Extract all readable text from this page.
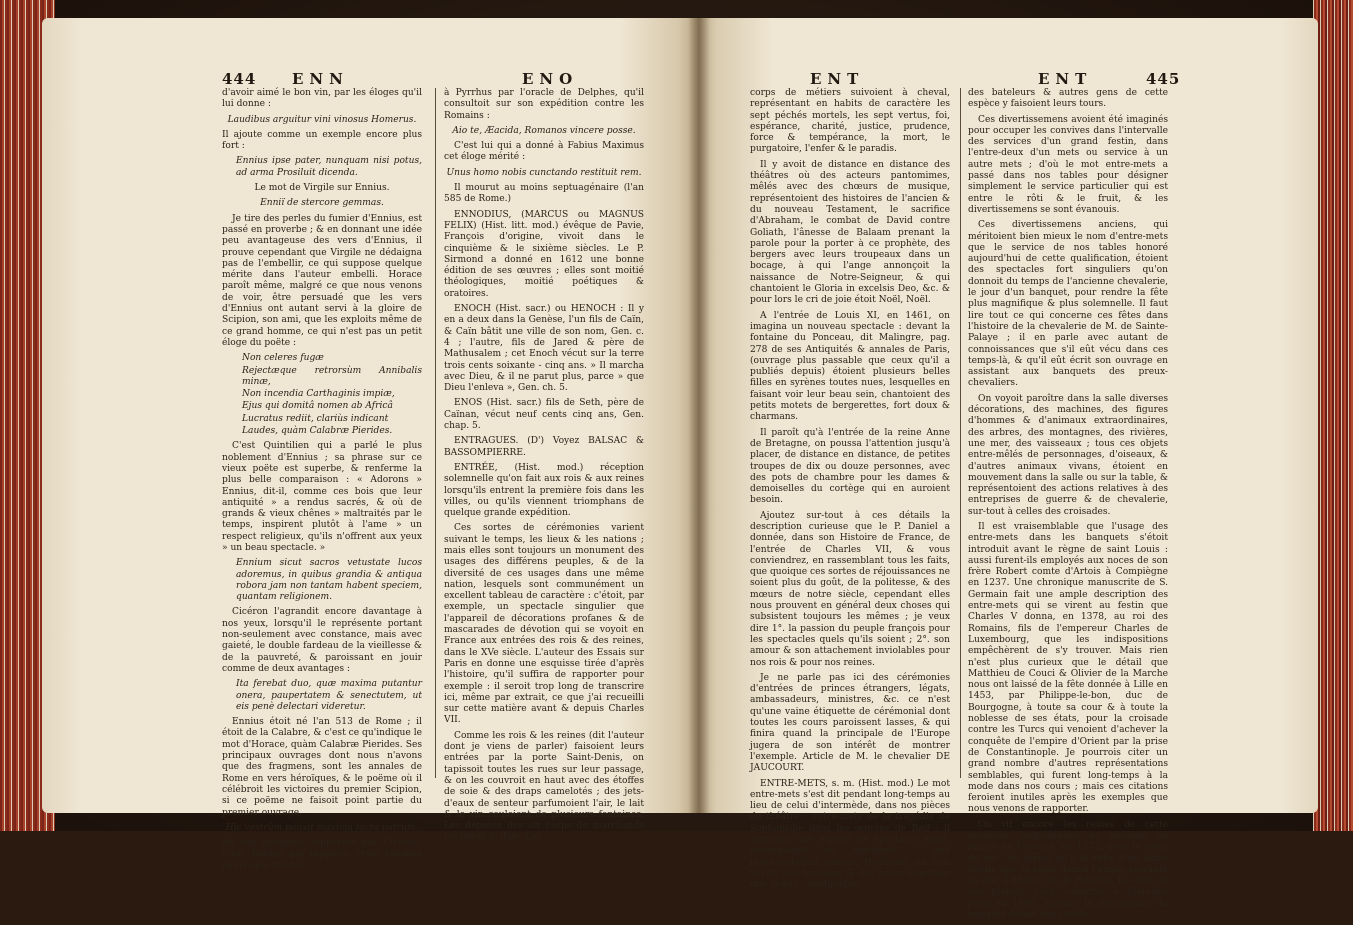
444 ENN	ENO

d'avoir aimé le bon vin, par les éloges qu'il lui donne :

Laudibus arguitur vini vinosus Homerus.

Il ajoute comme un exemple encore plus fort :

Ennius ipse pater, nunquam nisi potus, ad arma Prosiluit dicenda.

Le mot de Virgile sur Ennius.

Enniï de stercore gemmas.

Je tire des perles du fumier d'Ennius, est passé en proverbe ; & en donnant une idée peu avantageuse des vers d'Ennius, il prouve cependant que Virgile ne dédaigna pas de l'embellir, ce qui suppose quelque mérite dans l'auteur embelli. Horace paroît même, malgré ce que nous venons de voir, être persuadé que les vers d'Ennius ont autant servi à la gloire de Scipion, son ami, que les exploits même de ce grand homme, ce qui n'est pas un petit éloge du poëte :

Non celeres fugæ

Rejectæque retrorsùm Annibalis minæ,

Non incendia Carthaginis impiæ,

Ejus qui domitâ nomen ab Africâ

Lucratus rediit, clariùs indicant

Laudes, quàm Calabræ Pierides.

C'est Quintilien qui a parlé le plus noblement d'Ennius ; sa phrase sur ce vieux poëte est superbe, & renferme la plus belle comparaison : « Adorons » Ennius, dit-il, comme ces bois que leur antiquité » a rendus sacrés, & où de grands & vieux chênes » maltraités par le temps, inspirent plutôt à l'ame » un respect religieux, qu'ils n'offrent aux yeux » un beau spectacle. »

Ennium sicut sacros vetustate lucos adoremus, in quibus grandia & antiqua robora jam non tantam habent speciem, quantam religionem.

Cicéron l'agrandit encore davantage à nos yeux, lorsqu'il le représente portant non-seulement avec constance, mais avec gaieté, le double fardeau de la vieillesse & de la pauvreté, & paroissant en jouir comme de deux avantages :

Ita ferebat duo, quæ maxima putantur onera, paupertatem & senectutem, ut eis penè delectari videretur.

Ennius étoit né l'an 513 de Rome ; il étoit de la Calabre, & c'est ce qu'indique le mot d'Horace, quàm Calabræ Pierides. Ses principaux ouvrages dont nous n'avons que des fragmens, sont les annales de Rome en vers héroïques, & le poëme où il célébroit les victoires du premier Scipion, si ce poëme ne faisoit point partie du premier ouvrage,

Hic vestrûm panxit maxima facta patrum.

dit son épitaphe, rapportée par Cicéron. C'est Ennius qui rapporte cette réponse équivoque rendue

à Pyrrhus par l'oracle de Delphes, qu'il consultoit sur son expédition contre les Romains :

Aio te, Æacida, Romanos vincere posse.

C'est lui qui a donné à Fabius Maximus cet éloge mérité :

Unus homo nobis cunctando restituit rem.

Il mourut au moins septuagénaire (l'an 585 de Rome.)

ENNODIUS, (MARCUS ou MAGNUS FELIX) (Hist. litt. mod.) évêque de Pavie, François d'origine, vivoit dans le cinquième & le sixième siècles. Le P. Sirmond a donné en 1612 une bonne édition de ses œuvres ; elles sont moitié théologiques, moitié poétiques & oratoires.

ENOCH (Hist. sacr.) ou HENOCH : Il y en a deux dans la Genèse, l'un fils de Caïn, & Caïn bâtit une ville de son nom, Gen. c. 4 ; l'autre, fils de Jared & père de Mathusalem ; cet Enoch vécut sur la terre trois cents soixante - cinq ans. » Il marcha avec Dieu, & il ne parut plus, parce » que Dieu l'enleva », Gen. ch. 5.

ENOS (Hist. sacr.) fils de Seth, père de Caïnan, vécut neuf cents cinq ans, Gen. chap. 5.

ENTRAGUES. (D') Voyez BALSAC & BASSOMPIERRE.

ENTRÉE, (Hist. mod.) réception solemnelle qu'on fait aux rois & aux reines lorsqu'ils entrent la première fois dans les villes, ou qu'ils viennent triomphans de quelque grande expédition.

Ces sortes de cérémonies varient suivant le temps, les lieux & les nations ; mais elles sont toujours un monument des usages des différens peuples, & de la diversité de ces usages dans une même nation, lesquels sont communément un excellent tableau de caractère : c'étoit, par exemple, un spectacle singulier que l'appareil de décorations profanes & de mascarades de dévotion qui se voyoit en France aux entrées des rois & des reines, dans le XVe siècle. L'auteur des Essais sur Paris en donne une esquisse tirée d'après l'histoire, qu'il suffira de rapporter pour exemple : il seroit trop long de transcrire ici, même par extrait, ce que j'ai recueilli sur cette matière avant & depuis Charles VII.

Comme les rois & les reines (dit l'auteur dont je viens de parler) faisoient leurs entrées par la porte Saint-Denis, on tapissoit toutes les rues sur leur passage, & on les couvroit en haut avec des étoffes de soie & des draps camelotés ; des jets-d'eaux de senteur parfumoient l'air, le lait & le vin couloient de plusieurs fontaines. Les députés des six corps de marchands portoient le dais. Les

ENT	ENT	445

corps de métiers suivoient à cheval, représentant en habits de caractère les sept péchés mortels, les sept vertus, foi, espérance, charité, justice, prudence, force & tempérance, la mort, le purgatoire, l'enfer & le paradis.

Il y avoit de distance en distance des théâtres où des acteurs pantomimes, mêlés avec des chœurs de musique, représentoient des histoires de l'ancien & du nouveau Testament, le sacrifice d'Abraham, le combat de David contre Goliath, l'ânesse de Balaam prenant la parole pour la porter à ce prophète, des bergers avec leurs troupeaux dans un bocage, à qui l'ange annonçoit la naissance de Notre-Seigneur, & qui chantoient le Gloria in excelsis Deo, &c. & pour lors le cri de joie étoit Noël, Noël.

A l'entrée de Louis XI, en 1461, on imagina un nouveau spectacle : devant la fontaine du Ponceau, dit Malingre, pag. 278 de ses Antiquités & annales de Paris, (ouvrage plus passable que ceux qu'il a publiés depuis) étoient plusieurs belles filles en syrènes toutes nues, lesquelles en faisant voir leur beau sein, chantoient des petits motets de bergerettes, fort doux & charmans.

Il paroît qu'à l'entrée de la reine Anne de Bretagne, on poussa l'attention jusqu'à placer, de distance en distance, de petites troupes de dix ou douze personnes, avec des pots de chambre pour les dames & demoiselles du cortège qui en auroient besoin.

Ajoutez sur-tout à ces détails la description curieuse que le P. Daniel a donnée, dans son Histoire de France, de l'entrée de Charles VII, & vous conviendrez, en rassemblant tous les faits, que quoique ces sortes de réjouissances ne soient plus du goût, de la politesse, & des mœurs de notre siècle, cependant elles nous prouvent en général deux choses qui subsistent toujours les mêmes ; je veux dire 1°. la passion du peuple françois pour les spectacles quels qu'ils soient ; 2°. son amour & son attachement inviolables pour nos rois & pour nos reines.

Je ne parle pas ici des cérémonies d'entrées de princes étrangers, légats, ambassadeurs, ministres, &c. ce n'est qu'une vaine étiquette de cérémonial dont toutes les cours paroissent lasses, & qui finira quand la principale de l'Europe jugera de son intérêt de montrer l'exemple. Article de M. le chevalier DE JAUCOURT.

ENTRE-METS, s. m. (Hist. mod.) Le mot entre-mets s'est dit pendant long-temps au lieu de celui d'intermède, dans nos pièces de théâtre ; entre-mets de la tragédie de Sophonisbe dans les œuvres de Baïf ; il signifioit une espèce de spectacle muet, accompagné de machines ; une représentation comme théâtrale, où l'on voyoit des hommes & des bêtes exprimer une action ; quelquefois

des bateleurs & autres gens de cette espèce y faisoient leurs tours.

Ces divertissemens avoient été imaginés pour occuper les convives dans l'intervalle des services d'un grand festin, dans l'entre-deux d'un mets ou service à un autre mets ; d'où le mot entre-mets a passé dans nos tables pour désigner simplement le service particulier qui est entre le rôti & le fruit, & les divertissemens se sont évanouis.

Ces divertissemens anciens, qui méritoient bien mieux le nom d'entre-mets que le service de nos tables honoré aujourd'hui de cette qualification, étoient des spectacles fort singuliers qu'on donnoit du temps de l'ancienne chevalerie, le jour d'un banquet, pour rendre la fête plus magnifique & plus solemnelle. Il faut lire tout ce qui concerne ces fêtes dans l'histoire de la chevalerie de M. de Sainte-Palaye ; il en parle avec autant de connoissances que s'il eût vécu dans ces temps-là, & qu'il eût écrit son ouvrage en assistant aux banquets des preux-chevaliers.

On voyoit paroître dans la salle diverses décorations, des machines, des figures d'hommes & d'animaux extraordinaires, des arbres, des montagnes, des rivières, une mer, des vaisseaux ; tous ces objets entre-mêlés de personnages, d'oiseaux, & d'autres animaux vivans, étoient en mouvement dans la salle ou sur la table, & représentoient des actions relatives à des entreprises de guerre & de chevalerie, sur-tout à celles des croisades.

Il est vraisemblable que l'usage des entre-mets dans les banquets s'étoit introduit avant le règne de saint Louis : aussi furent-ils employés aux noces de son frère Robert comte d'Artois à Compiègne en 1237. Une chronique manuscrite de S. Germain fait une ample description des entre-mets qui se virent au festin que Charles V donna, en 1378, au roi des Romains, fils de l'empereur Charles de Luxembourg, que les indispositions empêchèrent de s'y trouver. Mais rien n'est plus curieux que le détail que Matthieu de Couci & Olivier de la Marche nous ont laissé de la fête donnée à Lille en 1453, par Philippe-le-bon, duc de Bourgogne, à toute sa cour & à toute la noblesse de ses états, pour la croisade contre les Turcs qui venoient d'achever la conquête de l'empire d'Orient par la prise de Constantinople. Je pourrois citer un grand nombre d'autres représentations semblables, qui furent long-temps à la mode dans nos cours ; mais ces citations feroient inutiles après les exemples que nous venons de rapporter.

On vit encore les restes de cette ancienne magnificence au mariage du prince de Navarre, en 1572, avec la sœur du roi ; de même qu'à la suite d'un autre festin, que la reine donna l'année suivante au duc d'Anjou, roi de Pologne. Le goût de ces plaisirs s'est conservé à Florence jusqu'en 1600, suivant la description du banquet donné dans cette
